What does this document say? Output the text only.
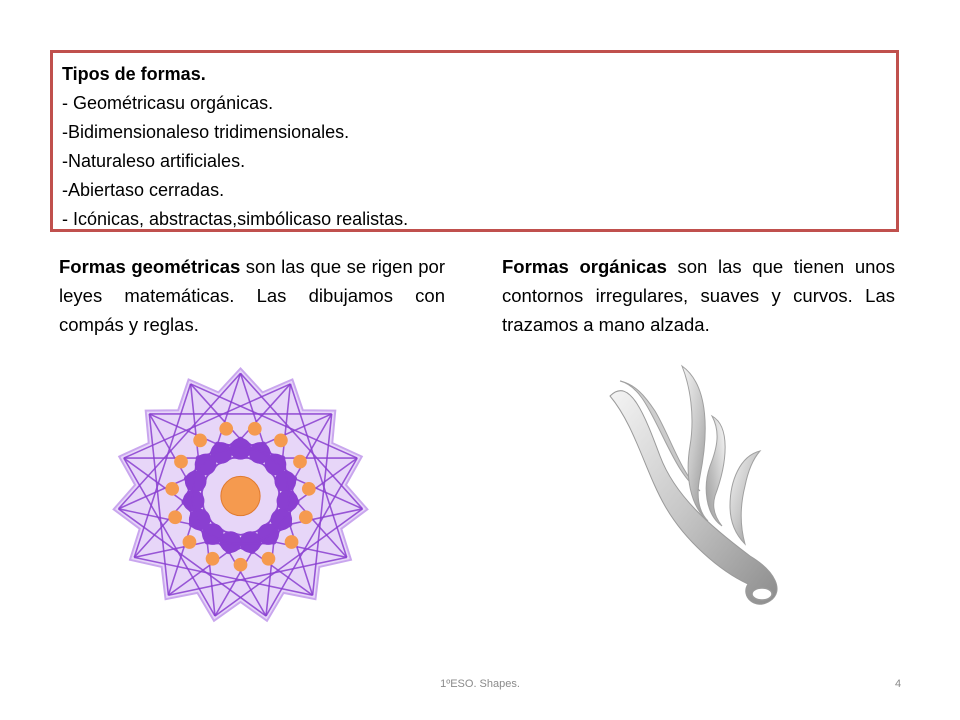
Tipos de formas.
- Geométricasu orgánicas.
-Bidimensionaleso tridimensionales.
-Naturaleso artificiales.
-Abiertaso cerradas.
- Icónicas, abstractas,simbólicaso realistas.
Formas geométricas son las que se rigen por leyes matemáticas. Las dibujamos con compás y reglas.
Formas orgánicas son las que tienen unos contornos irregulares, suaves y curvos. Las trazamos a mano alzada.
1ºESO. Shapes.	4
